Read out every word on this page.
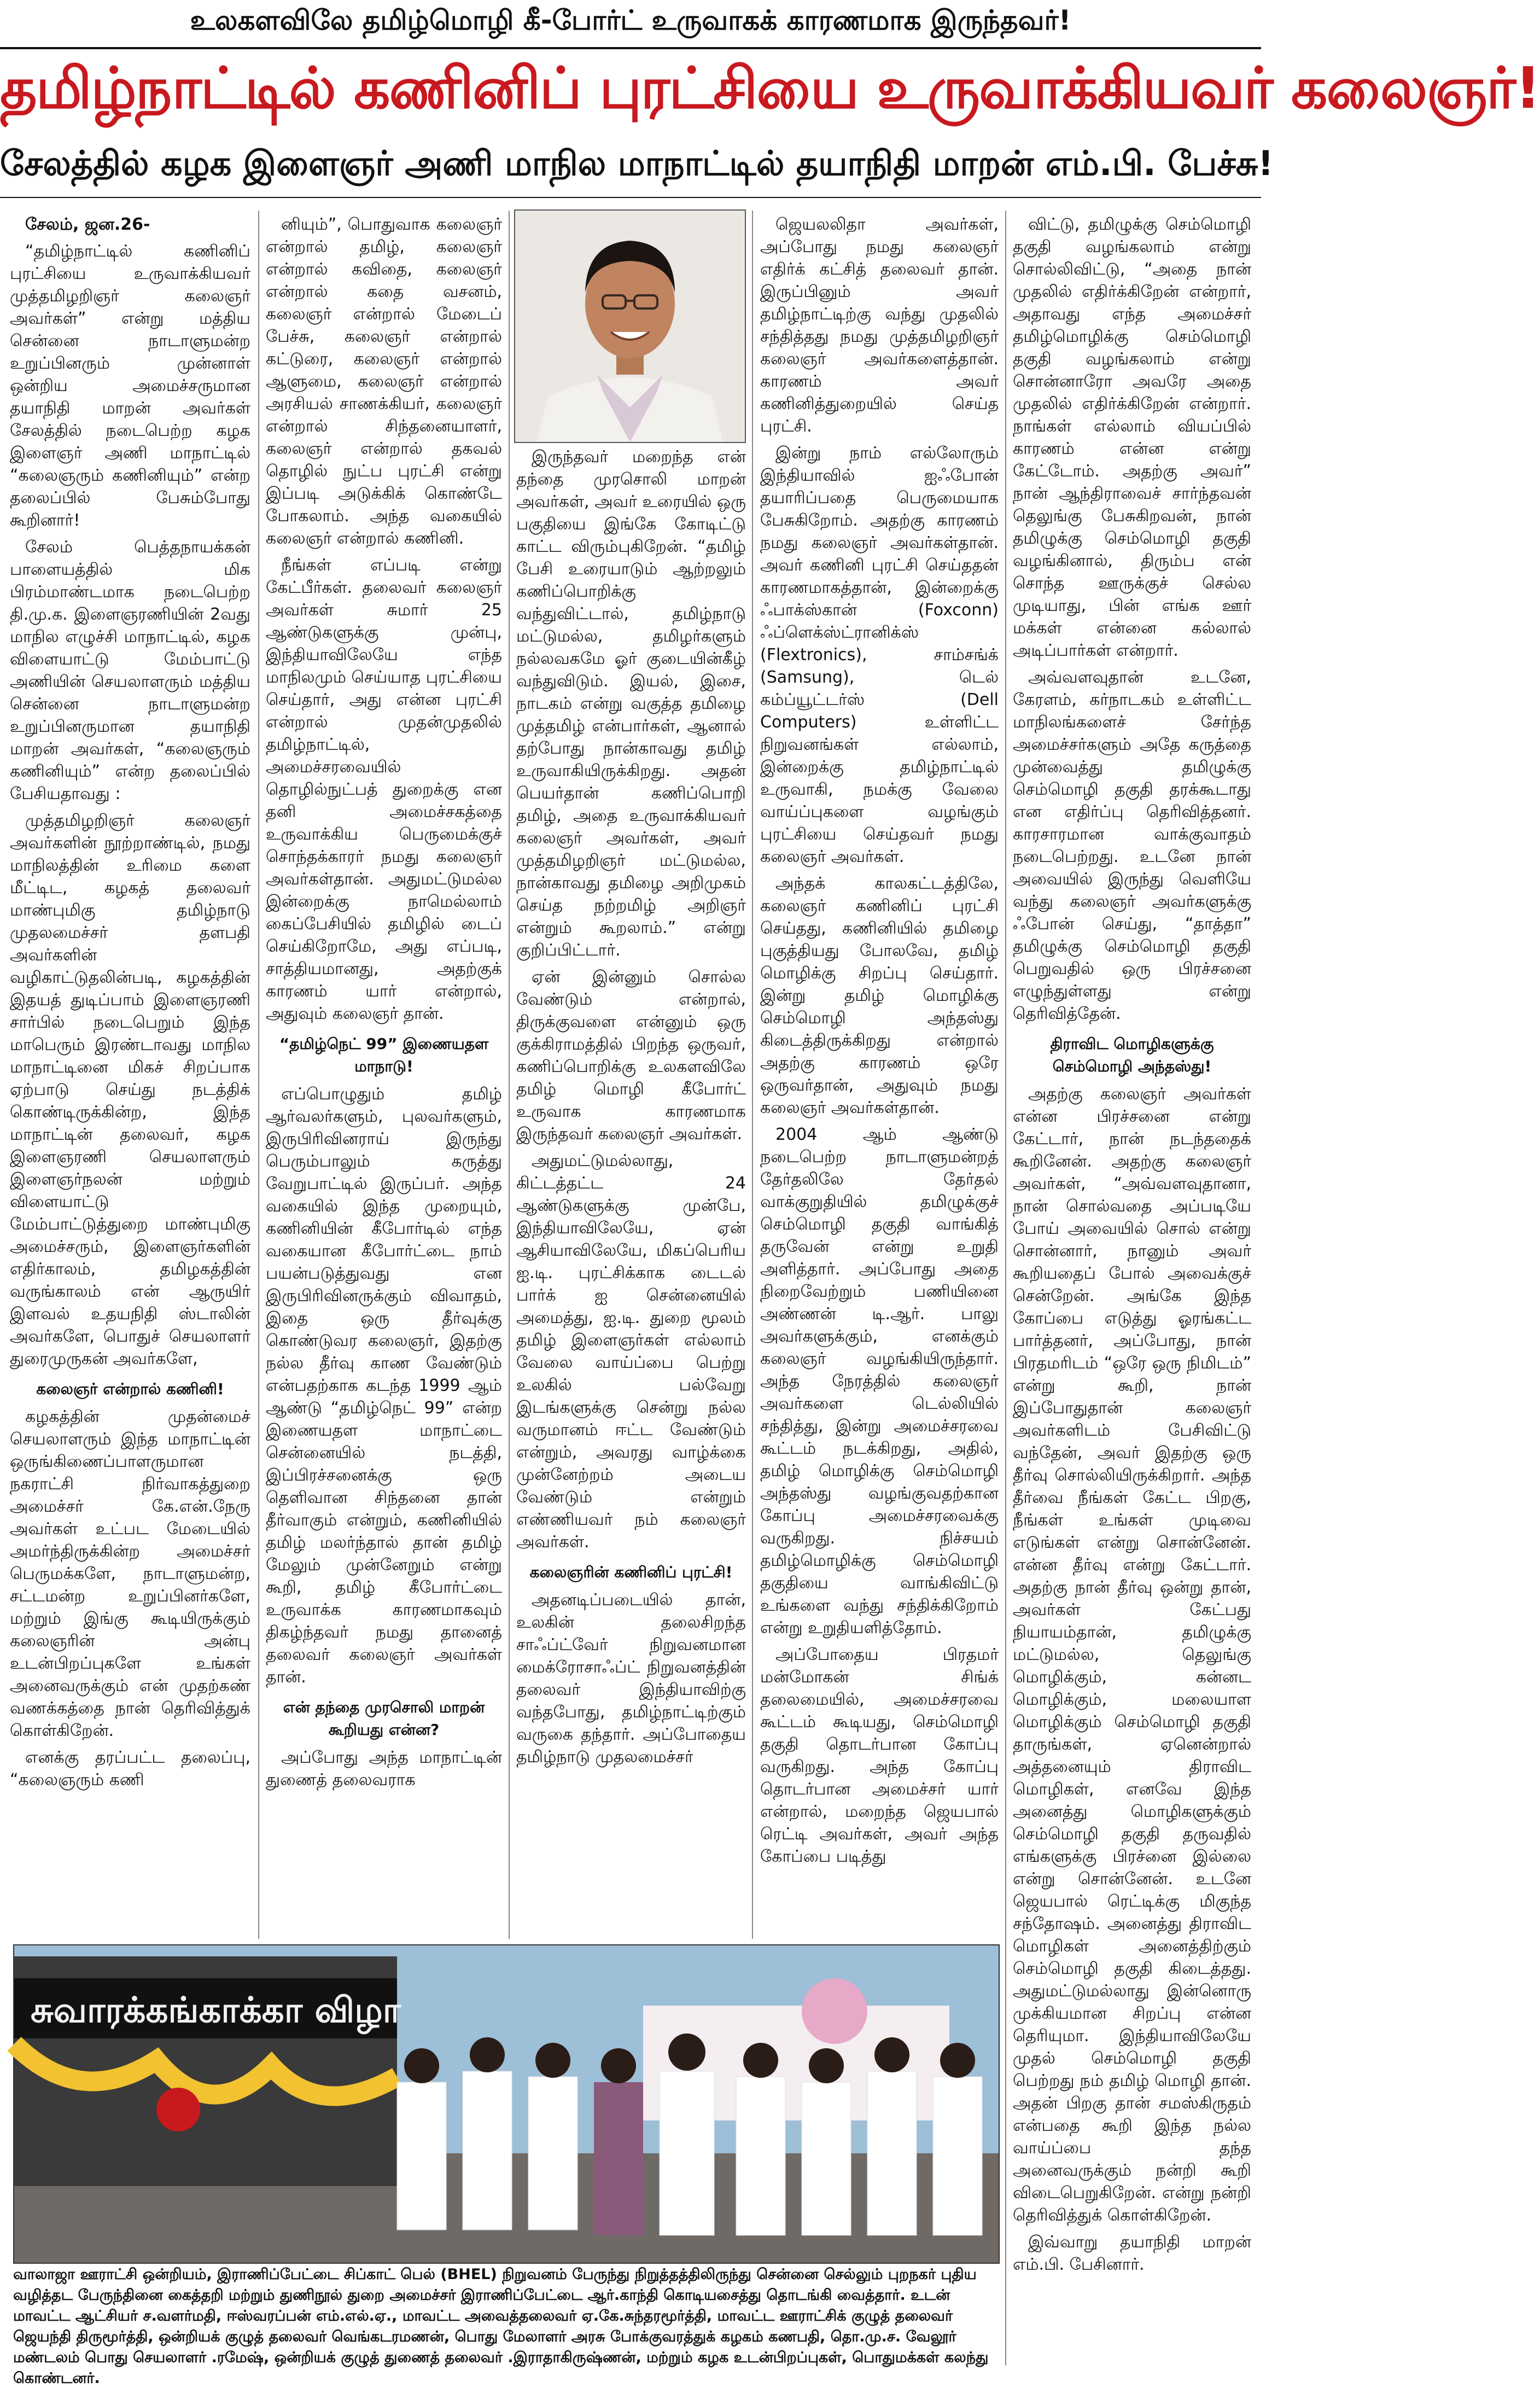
உலகளவிலே தமிழ்மொழி கீ-போர்ட் உருவாகக் காரணமாக இருந்தவர்!
தமிழ்நாட்டில் கணினிப் புரட்சியை உருவாக்கியவர் கலைஞர்!
சேலத்தில் கழக இளைஞர் அணி மாநில மாநாட்டில் தயாநிதி மாறன் எம்.பி. பேச்சு!

சேலம், ஜன.26-

“தமிழ்நாட்டில் கணினிப் புரட்சியை உருவாக்கியவர் முத்தமிழறிஞர் கலைஞர் அவர்கள்” என்று மத்திய சென்னை நாடாளுமன்ற உறுப்பினரும் முன்னாள் ஒன்றிய அமைச்சருமான தயாநிதி மாறன் அவர்கள் சேலத்தில் நடைபெற்ற கழக இளைஞர் அணி மாநாட்டில் “கலைஞரும் கணினியும்” என்ற தலைப்பில் பேசும்போது கூறினார்!

சேலம் பெத்தநாயக்கன் பாளையத்தில் மிக பிரம்மாண்டமாக நடைபெற்ற தி.மு.க. இளைஞரணியின் 2வது மாநில எழுச்சி மாநாட்டில், கழக விளையாட்டு மேம்பாட்டு அணியின் செயலாளரும் மத்திய சென்னை நாடாளுமன்ற உறுப்பினருமான தயாநிதி மாறன் அவர்கள், “கலைஞரும் கணினியும்” என்ற தலைப்பில் பேசியதாவது :

முத்தமிழறிஞர் கலைஞர் அவர்களின் நூற்றாண்டில், நமது மாநிலத்தின் உரிமை களை மீட்டிட, கழகத் தலைவர் மாண்புமிகு தமிழ்நாடு முதலமைச்சர் தளபதி அவர்களின் வழிகாட்டுதலின்படி, கழகத்தின் இதயத் துடிப்பாம் இளைஞரணி சார்பில் நடைபெறும் இந்த மாபெரும் இரண்டாவது மாநில மாநாட்டினை மிகச் சிறப்பாக ஏற்பாடு செய்து நடத்திக் கொண்டிருக்கின்ற, இந்த மாநாட்டின் தலைவர், கழக இளைஞரணி செயலாளரும் இளைஞர்நலன் மற்றும் விளையாட்டு மேம்பாட்டுத்துறை மாண்புமிகு அமைச்சரும், இளைஞர்களின் எதிர்காலம், தமிழகத்தின் வருங்காலம் என் ஆருயிர் இளவல் உதயநிதி ஸ்டாலின் அவர்களே, பொதுச் செயலாளர் துரைமுருகன் அவர்களே,

கலைஞர் என்றால் கணினி!

கழகத்தின் முதன்மைச் செயலாளரும் இந்த மாநாட்டின் ஒருங்கிணைப்பாளருமான நகராட்சி நிர்வாகத்துறை அமைச்சர் கே.என்.நேரு அவர்கள் உட்பட மேடையில் அமர்ந்திருக்கின்ற அமைச்சர் பெருமக்களே, நாடாளுமன்ற, சட்டமன்ற உறுப்பினர்களே, மற்றும் இங்கு கூடியிருக்கும் கலைஞரின் அன்பு உடன்பிறப்புகளே உங்கள் அனைவருக்கும் என் முதற்கண் வணக்கத்தை நான் தெரிவித்துக் கொள்கிறேன்.

எனக்கு தரப்பட்ட தலைப்பு, “கலைஞரும் கணி

னியும்”, பொதுவாக கலைஞர் என்றால் தமிழ், கலைஞர் என்றால் கவிதை, கலைஞர் என்றால் கதை வசனம், கலைஞர் என்றால் மேடைப் பேச்சு, கலைஞர் என்றால் கட்டுரை, கலைஞர் என்றால் ஆளுமை, கலைஞர் என்றால் அரசியல் சாணக்கியர், கலைஞர் என்றால் சிந்தனையாளர், கலைஞர் என்றால் தகவல் தொழில் நுட்ப புரட்சி என்று இப்படி அடுக்கிக் கொண்டே போகலாம். அந்த வகையில் கலைஞர் என்றால் கணினி.

நீங்கள் எப்படி என்று கேட்பீர்கள். தலைவர் கலைஞர் அவர்கள் சுமார் 25 ஆண்டுகளுக்கு முன்பு, இந்தியாவிலேயே எந்த மாநிலமும் செய்யாத புரட்சியை செய்தார், அது என்ன புரட்சி என்றால் முதன்முதலில் தமிழ்நாட்டில், அமைச்சரவையில் தொழில்நுட்பத் துறைக்கு என தனி அமைச்சகத்தை உருவாக்கிய பெருமைக்குச் சொந்தக்காரர் நமது கலைஞர் அவர்கள்தான். அதுமட்டுமல்ல இன்றைக்கு நாமெல்லாம் கைப்பேசியில் தமிழில் டைப் செய்கிறோமே, அது எப்படி, சாத்தியமானது, அதற்குக் காரணம் யார் என்றால், அதுவும் கலைஞர் தான்.

“தமிழ்நெட் 99” இணையதள மாநாடு!

எப்பொழுதும் தமிழ் ஆர்வலர்களும், புலவர்களும், இருபிரிவினராய் இருந்து பெரும்பாலும் கருத்து வேறுபாட்டில் இருப்பர். அந்த வகையில் இந்த முறையும், கணினியின் கீபோர்டில் எந்த வகையான கீபோர்ட்டை நாம் பயன்படுத்துவது என இருபிரிவினருக்கும் விவாதம், இதை ஒரு தீர்வுக்கு கொண்டுவர கலைஞர், இதற்கு நல்ல தீர்வு காண வேண்டும் என்பதற்காக கடந்த 1999 ஆம் ஆண்டு “தமிழ்நெட் 99” என்ற இணையதள மாநாட்டை சென்னையில் நடத்தி, இப்பிரச்சனைக்கு ஒரு தெளிவான சிந்தனை தான் தீர்வாகும் என்றும், கணினியில் தமிழ் மலர்ந்தால் தான் தமிழ் மேலும் முன்னேறும் என்று கூறி, தமிழ் கீபோர்ட்டை உருவாக்க காரணமாகவும் திகழ்ந்தவர் நமது தானைத் தலைவர் கலைஞர் அவர்கள் தான்.

என் தந்தை முரசொலி மாறன் கூறியது என்ன?

அப்போது அந்த மாநாட்டின் துணைத் தலைவராக

இருந்தவர் மறைந்த என் தந்தை முரசொலி மாறன் அவர்கள், அவர் உரையில் ஒரு பகுதியை இங்கே கோடிட்டு காட்ட விரும்புகிறேன். “தமிழ் பேசி உரையாடும் ஆற்றலும் கணிப்பொறிக்கு வந்துவிட்டால், தமிழ்நாடு மட்டுமல்ல, தமிழர்களும் நல்லவகமே ஓர் குடையின்கீழ் வந்துவிடும். இயல், இசை, நாடகம் என்று வகுத்த தமிழை முத்தமிழ் என்பார்கள், ஆனால் தற்போது நான்காவது தமிழ் உருவாகியிருக்கிறது. அதன் பெயர்தான் கணிப்பொறி தமிழ், அதை உருவாக்கியவர் கலைஞர் அவர்கள், அவர் முத்தமிழறிஞர் மட்டுமல்ல, நான்காவது தமிழை அறிமுகம் செய்த நற்றமிழ் அறிஞர் என்றும் கூறலாம்.” என்று குறிப்பிட்டார்.

ஏன் இன்னும் சொல்ல வேண்டும் என்றால், திருக்குவளை என்னும் ஒரு குக்கிராமத்தில் பிறந்த ஒருவர், கணிப்பொறிக்கு உலகளவிலே தமிழ் மொழி கீபோர்ட் உருவாக காரணமாக இருந்தவர் கலைஞர் அவர்கள்.

அதுமட்டுமல்லாது, கிட்டத்தட்ட 24 ஆண்டுகளுக்கு முன்பே, இந்தியாவிலேயே, ஏன் ஆசியாவிலேயே, மிகப்பெரிய ஐ.டி. புரட்சிக்காக டைடல் பார்க் ஐ சென்னையில் அமைத்து, ஐ.டி. துறை மூலம் தமிழ் இளைஞர்கள் எல்லாம் வேலை வாய்ப்பை பெற்று உலகில் பல்வேறு இடங்களுக்கு சென்று நல்ல வருமானம் ஈட்ட வேண்டும் என்றும், அவரது வாழ்க்கை முன்னேற்றம் அடைய வேண்டும் என்றும் எண்ணியவர் நம் கலைஞர் அவர்கள்.

கலைஞரின் கணினிப் புரட்சி!

அதனடிப்படையில் தான், உலகின் தலைசிறந்த சாஃப்ட்வேர் நிறுவனமான மைக்ரோசாஃப்ட் நிறுவனத்தின் தலைவர் இந்தியாவிற்கு வந்தபோது, தமிழ்நாட்டிற்கும் வருகை தந்தார். அப்போதைய தமிழ்நாடு முதலமைச்சர்

ஜெயலலிதா அவர்கள், அப்போது நமது கலைஞர் எதிர்க் கட்சித் தலைவர் தான். இருப்பினும் அவர் தமிழ்நாட்டிற்கு வந்து முதலில் சந்தித்தது நமது முத்தமிழறிஞர் கலைஞர் அவர்களைத்தான். காரணம் அவர் கணினித்துறையில் செய்த புரட்சி.

இன்று நாம் எல்லோரும் இந்தியாவில் ஐஃபோன் தயாரிப்பதை பெருமையாக பேசுகிறோம். அதற்கு காரணம் நமது கலைஞர் அவர்கள்தான். அவர் கணினி புரட்சி செய்ததன் காரணமாகத்தான், இன்றைக்கு ஃபாக்ஸ்கான் (Foxconn) ஃப்ளெக்ஸ்ட்ரானிக்ஸ் (Flextronics), சாம்சங்க் (Samsung), டெல் கம்ப்யூட்டர்ஸ் (Dell Computers) உள்ளிட்ட நிறுவனங்கள் எல்லாம், இன்றைக்கு தமிழ்நாட்டில் உருவாகி, நமக்கு வேலை வாய்ப்புகளை வழங்கும் புரட்சியை செய்தவர் நமது கலைஞர் அவர்கள்.

அந்தக் காலகட்டத்திலே, கலைஞர் கணினிப் புரட்சி செய்தது, கணினியில் தமிழை புகுத்தியது போலவே, தமிழ் மொழிக்கு சிறப்பு செய்தார். இன்று தமிழ் மொழிக்கு செம்மொழி அந்தஸ்து கிடைத்திருக்கிறது என்றால் அதற்கு காரணம் ஒரே ஒருவர்தான், அதுவும் நமது கலைஞர் அவர்கள்தான்.

2004 ஆம் ஆண்டு நடைபெற்ற நாடாளுமன்றத் தேர்தலிலே தேர்தல் வாக்குறுதியில் தமிழுக்குச் செம்மொழி தகுதி வாங்கித் தருவேன் என்று உறுதி அளித்தார். அப்போது அதை நிறைவேற்றும் பணியினை அண்ணன் டி.ஆர். பாலு அவர்களுக்கும், எனக்கும் கலைஞர் வழங்கியிருந்தார். அந்த நேரத்தில் கலைஞர் அவர்களை டெல்லியில் சந்தித்து, இன்று அமைச்சரவை கூட்டம் நடக்கிறது, அதில், தமிழ் மொழிக்கு செம்மொழி அந்தஸ்து வழங்குவதற்கான கோப்பு அமைச்சரவைக்கு வருகிறது. நிச்சயம் தமிழ்மொழிக்கு செம்மொழி தகுதியை வாங்கிவிட்டு உங்களை வந்து சந்திக்கிறோம் என்று உறுதியளித்தோம்.

அப்போதைய பிரதமர் மன்மோகன் சிங்க் தலைமையில், அமைச்சரவை கூட்டம் கூடியது, செம்மொழி தகுதி தொடர்பான கோப்பு வருகிறது. அந்த கோப்பு தொடர்பான அமைச்சர் யார் என்றால், மறைந்த ஜெயபால் ரெட்டி அவர்கள், அவர் அந்த கோப்பை படித்து

விட்டு, தமிழுக்கு செம்மொழி தகுதி வழங்கலாம் என்று சொல்லிவிட்டு, “அதை நான் முதலில் எதிர்க்கிறேன் என்றார், அதாவது எந்த அமைச்சர் தமிழ்மொழிக்கு செம்மொழி தகுதி வழங்கலாம் என்று சொன்னாரோ அவரே அதை முதலில் எதிர்க்கிறேன் என்றார். நாங்கள் எல்லாம் வியப்பில் காரணம் என்ன என்று கேட்டோம். அதற்கு அவர்” நான் ஆந்திராவைச் சார்ந்தவன் தெலுங்கு பேசுகிறவன், நான் தமிழுக்கு செம்மொழி தகுதி வழங்கினால், திரும்ப என் சொந்த ஊருக்குச் செல்ல முடியாது, பின் எங்க ஊர் மக்கள் என்னை கல்லால் அடிப்பார்கள் என்றார்.

அவ்வளவுதான் உடனே, கேரளம், கர்நாடகம் உள்ளிட்ட மாநிலங்களைச் சேர்ந்த அமைச்சர்களும் அதே கருத்தை முன்வைத்து தமிழுக்கு செம்மொழி தகுதி தரக்கூடாது என எதிர்ப்பு தெரிவித்தனர். காரசாரமான வாக்குவாதம் நடைபெற்றது. உடனே நான் அவையில் இருந்து வெளியே வந்து கலைஞர் அவர்களுக்கு ஃபோன் செய்து, “தாத்தா” தமிழுக்கு செம்மொழி தகுதி பெறுவதில் ஒரு பிரச்சனை எழுந்துள்ளது என்று தெரிவித்தேன்.

திராவிட மொழிகளுக்கு செம்மொழி அந்தஸ்து!

அதற்கு கலைஞர் அவர்கள் என்ன பிரச்சனை என்று கேட்டார், நான் நடந்ததைக் கூறினேன். அதற்கு கலைஞர் அவர்கள், “அவ்வளவுதானா, நான் சொல்வதை அப்படியே போய் அவையில் சொல் என்று சொன்னார், நானும் அவர் கூறியதைப் போல் அவைக்குச் சென்றேன். அங்கே இந்த கோப்பை எடுத்து ஓரங்கட்ட பார்த்தனர், அப்போது, நான் பிரதமரிடம் “ஒரே ஒரு நிமிடம்” என்று கூறி, நான் இப்போதுதான் கலைஞர் அவர்களிடம் பேசிவிட்டு வந்தேன், அவர் இதற்கு ஒரு தீர்வு சொல்லியிருக்கிறார். அந்த தீர்வை நீங்கள் கேட்ட பிறகு, நீங்கள் உங்கள் முடிவை எடுங்கள் என்று சொன்னேன். என்ன தீர்வு என்று கேட்டார். அதற்கு நான் தீர்வு ஒன்று தான், அவர்கள் கேட்பது நியாயம்தான், தமிழுக்கு மட்டுமல்ல, தெலுங்கு மொழிக்கும், கன்னட மொழிக்கும், மலையாள மொழிக்கும் செம்மொழி தகுதி தாருங்கள், ஏனென்றால் அத்தனையும் திராவிட மொழிகள், எனவே இந்த அனைத்து மொழிகளுக்கும் செம்மொழி தகுதி தருவதில் எங்களுக்கு பிரச்னை இல்லை என்று சொன்னேன். உடனே ஜெயபால் ரெட்டிக்கு மிகுந்த சந்தோஷம். அனைத்து திராவிட மொழிகள் அனைத்திற்கும் செம்மொழி தகுதி கிடைத்தது. அதுமட்டுமல்லாது இன்னொரு முக்கியமான சிறப்பு என்ன தெரியுமா. இந்தியாவிலேயே முதல் செம்மொழி தகுதி பெற்றது நம் தமிழ் மொழி தான். அதன் பிறகு தான் சமஸ்கிருதம் என்பதை கூறி இந்த நல்ல வாய்ப்பை தந்த அனைவருக்கும் நன்றி கூறி விடைபெறுகிறேன். என்று நன்றி தெரிவித்துக் கொள்கிறேன்.

இவ்வாறு தயாநிதி மாறன் எம்.பி. பேசினார்.

சுவாரக்கங்காக்கா விழா
வாலாஜா ஊராட்சி ஒன்றியம், இராணிப்பேட்டை சிப்காட் பெல் (BHEL) நிறுவனம் பேருந்து நிறுத்தத்திலிருந்து சென்னை செல்லும் புறநகர் புதிய வழித்தட பேருந்தினை கைத்தறி மற்றும் துணிநூல் துறை அமைச்சர் இராணிப்பேட்டை ஆர்.காந்தி கொடியசைத்து தொடங்கி வைத்தார். உடன் மாவட்ட ஆட்சியர் ச.வளர்மதி, ஈஸ்வரப்பன் எம்.எல்.ஏ., மாவட்ட அவைத்தலைவர் ஏ.கே.சுந்தரமூர்த்தி, மாவட்ட ஊராட்சிக் குழுத் தலைவர் ஜெயந்தி திருமூர்த்தி, ஒன்றியக் குழுத் தலைவர் வெங்கடரமணன், பொது மேலாளர் அரசு போக்குவரத்துக் கழகம் கணபதி, தொ.மு.ச. வேலூர் மண்டலம் பொது செயலாளர் .ரமேஷ், ஒன்றியக் குழுத் துணைத் தலைவர் .இராதாகிருஷ்ணன், மற்றும் கழக உடன்பிறப்புகள், பொதுமக்கள் கலந்து கொண்டனர்.
